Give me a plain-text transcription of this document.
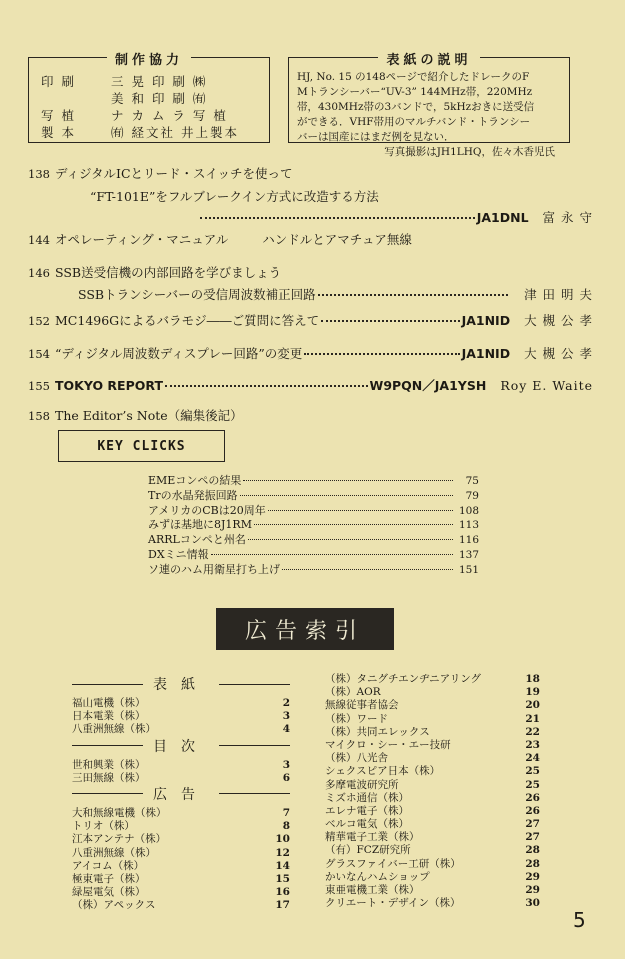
制作協力
印 刷	三 晃 印 刷 ㈱
美 和 印 刷 ㈲
写 植	ナ カ ム ラ 写 植
製 本	㈲ 経文社 井上製本
表紙の説明

HJ, No. 15 の148ページで紹介したドレークのF

Mトランシーバー“UV-3” 144MHz帯，220MHz

帯，430MHz帯の3バンドで，5kHzおきに送受信

ができる．VHF帯用のマルチバンド・トランシー

バーは国産にはまだ例を見ない．

写真撮影はJH1LHQ，佐々木香児氏

138 ディジタルICとリード・スイッチを使って
“FT-101E”をフルブレークイン方式に改造する方法
JA1DNL 富 永 守
144 オペレーティング・マニュアル	ハンドルとアマチュア無線
146 SSB送受信機の内部回路を学びましょう
SSBトランシーバーの受信周波数補正回路	津 田 明 夫
152 MC1496Gによるバラモジ――ご質問に答えて	JA1NID 大 槻 公 孝
154 “ディジタル周波数ディスプレー回路”の変更	JA1NID 大 槻 公 孝
155 TOKYO REPORT	W9PQN／JA1YSH Roy E. Waite
158 The Editor’s Note（編集後記）
KEY CLICKS
EMEコンペの結果	75
Trの水晶発振回路	79
アメリカのCBは20周年	108
みずほ基地に8J1RM	113
ARRLコンペと州名	116
DXミニ情報	137
ソ連のハム用衛星打ち上げ	151
広告索引
表紙
福山電機（株）	2
日本電業（株）	3
八重洲無線（株）	4
目次
世和興業（株）	3
三田無線（株）	6
広告
大和無線電機（株）	7
トリオ（株）	8
江本アンテナ（株）	10
八重洲無線（株）	12
アイコム（株）	14
極東電子（株）	15
緑屋電気（株）	16
（株）アペックス	17
（株）タニグチエンヂニアリング	18
（株）AOR	19
無線従事者協会	20
（株）ワード	21
（株）共同エレックス	22
マイクロ・シー・エー技研	23
（株）八光舎	24
シェクスピア日本（株）	25
多摩電波研究所	25
ミズホ通信（株）	26
エレナ電子（株）	26
ベルコ電気（株）	27
精華電子工業（株）	27
（有）FCZ研究所	28
グラスファイバー工研（株）	28
かいなんハムショップ	29
東亜電機工業（株）	29
クリエート・デザイン（株）	30
5
